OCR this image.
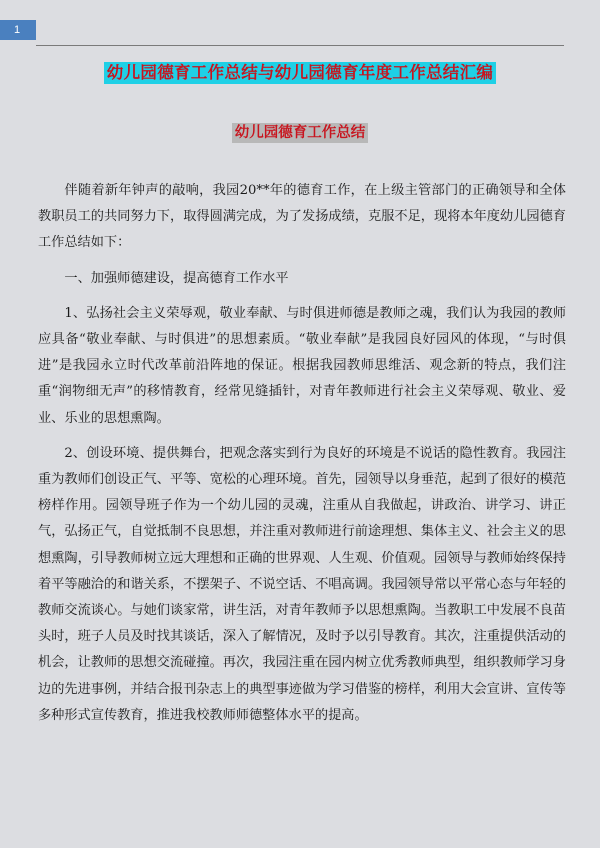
1
幼儿园德育工作总结与幼儿园德育年度工作总结汇编
幼儿园德育工作总结

伴随着新年钟声的敲响，我园20**年的德育工作，在上级主管部门的正确领导和全体教职员工的共同努力下，取得圆满完成，为了发扬成绩，克服不足，现将本年度幼儿园德育工作总结如下：

一、加强师德建设，提高德育工作水平

1、弘扬社会主义荣辱观，敬业奉献、与时俱进师德是教师之魂，我们认为我园的教师应具备“敬业奉献、与时俱进”的思想素质。“敬业奉献”是我园良好园风的体现，“与时俱进”是我园永立时代改革前沿阵地的保证。根据我园教师思维活、观念新的特点，我们注重“润物细无声”的移情教育，经常见缝插针，对青年教师进行社会主义荣辱观、敬业、爱业、乐业的思想熏陶。

2、创设环境、提供舞台，把观念落实到行为良好的环境是不说话的隐性教育。我园注重为教师们创设正气、平等、宽松的心理环境。首先，园领导以身垂范，起到了很好的模范榜样作用。园领导班子作为一个幼儿园的灵魂，注重从自我做起，讲政治、讲学习、讲正气，弘扬正气，自觉抵制不良思想，并注重对教师进行前途理想、集体主义、社会主义的思想熏陶，引导教师树立远大理想和正确的世界观、人生观、价值观。园领导与教师始终保持着平等融洽的和谐关系，不摆架子、不说空话、不唱高调。我园领导常以平常心态与年轻的教师交流谈心。与她们谈家常，讲生活，对青年教师予以思想熏陶。当教职工中发展不良苗头时，班子人员及时找其谈话，深入了解情况，及时予以引导教育。其次，注重提供活动的机会，让教师的思想交流碰撞。再次，我园注重在园内树立优秀教师典型，组织教师学习身边的先进事例，并结合报刊杂志上的典型事迹做为学习借鉴的榜样，利用大会宣讲、宣传等多种形式宣传教育，推进我校教师师德整体水平的提高。
